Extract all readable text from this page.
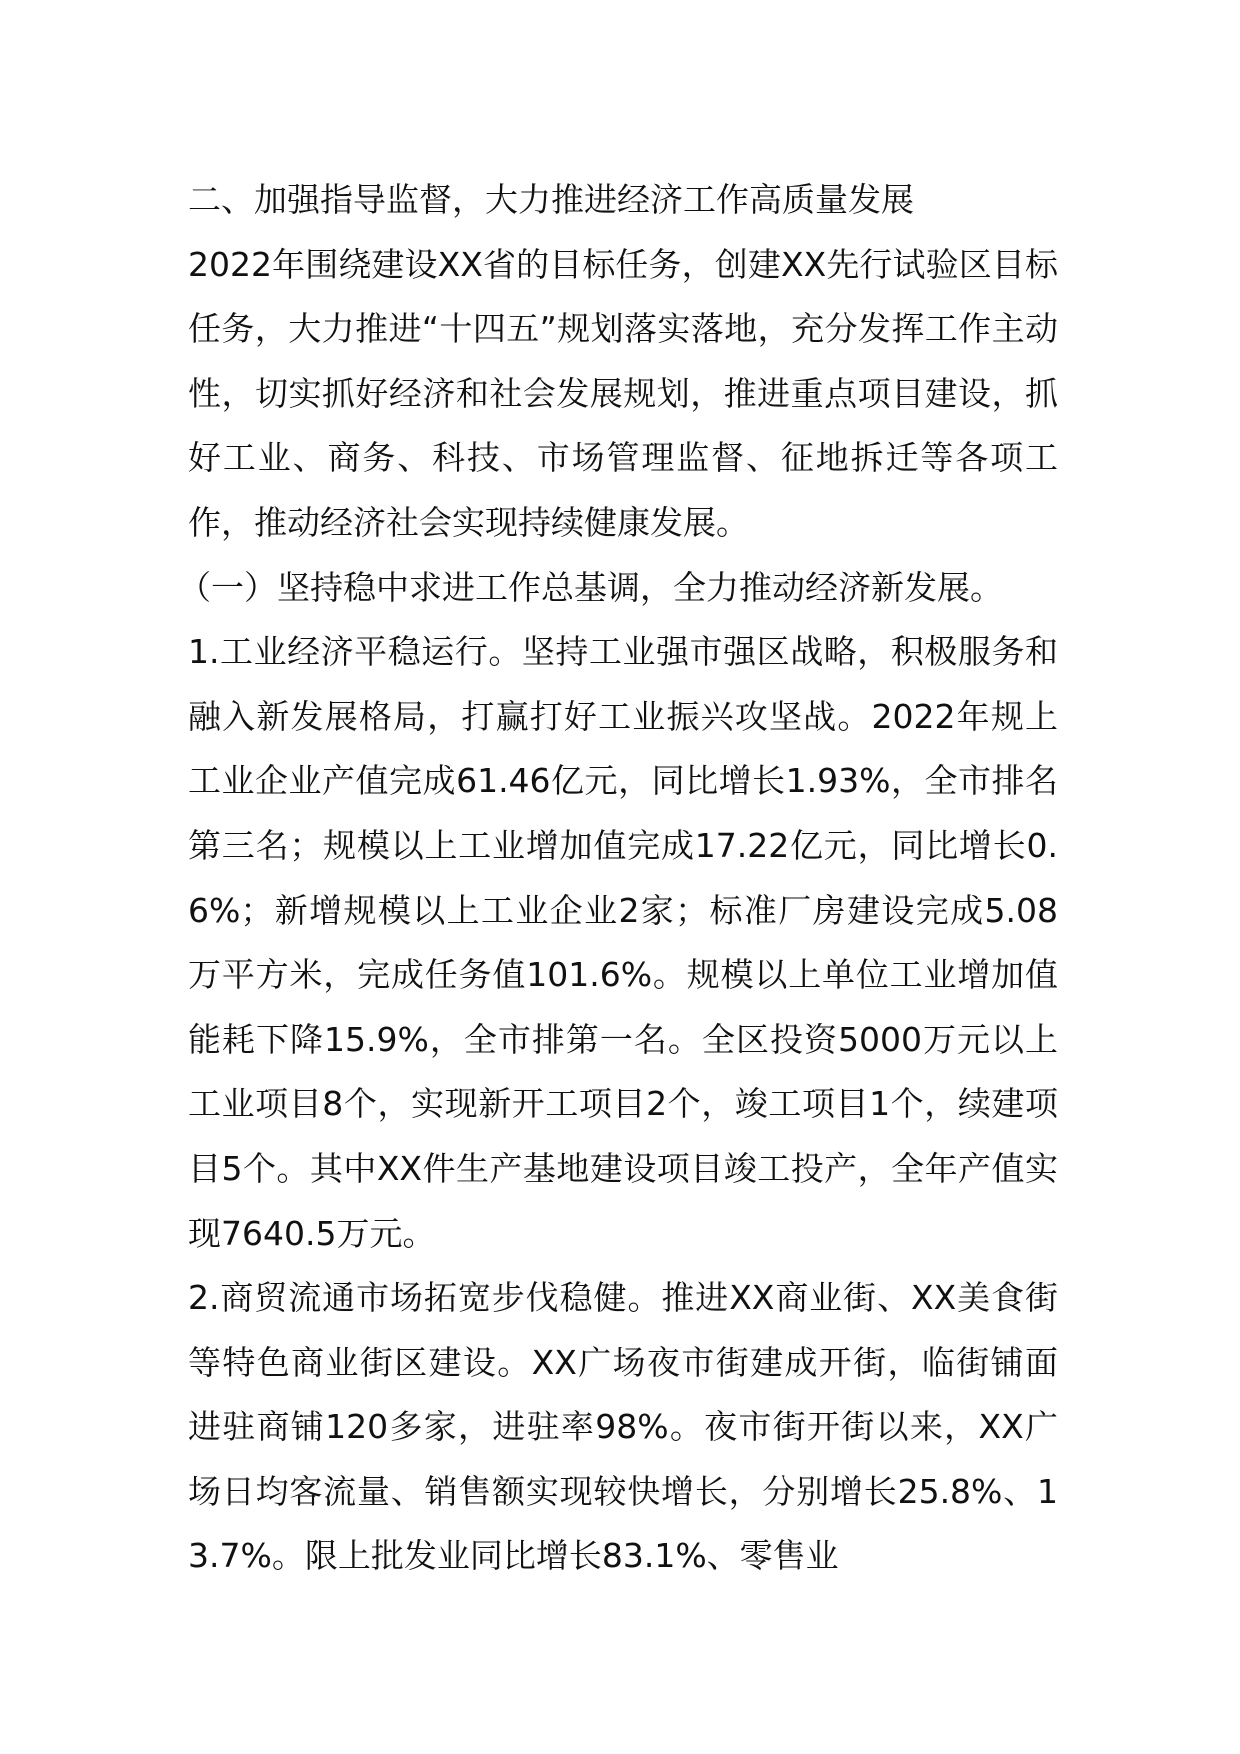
二、加强指导监督，大力推进经济工作高质量发展

2022年围绕建设XX省的目标任务，创建XX先行试验区目标任务，大力推进“十四五”规划落实落地，充分发挥工作主动性，切实抓好经济和社会发展规划，推进重点项目建设，抓好工业、商务、科技、市场管理监督、征地拆迁等各项工作，推动经济社会实现持续健康发展。

（一）坚持稳中求进工作总基调，全力推动经济新发展。

1.工业经济平稳运行。坚持工业强市强区战略，积极服务和融入新发展格局，打赢打好工业振兴攻坚战。2022年规上工业企业产值完成61.46亿元，同比增长1.93%，全市排名第三名；规模以上工业增加值完成17.22亿元，同比增长0.6%；新增规模以上工业企业2家；标准厂房建设完成5.08万平方米，完成任务值101.6%。规模以上单位工业增加值能耗下降15.9%，全市排第一名。全区投资5000万元以上工业项目8个，实现新开工项目2个，竣工项目1个，续建项目5个。其中XX件生产基地建设项目竣工投产，全年产值实现7640.5万元。

2.商贸流通市场拓宽步伐稳健。推进XX商业街、XX美食街等特色商业街区建设。XX广场夜市街建成开街，临街铺面进驻商铺120多家，进驻率98%。夜市街开街以来，XX广场日均客流量、销售额实现较快增长，分别增长25.8%、13.7%。限上批发业同比增长83.1%、零售业
